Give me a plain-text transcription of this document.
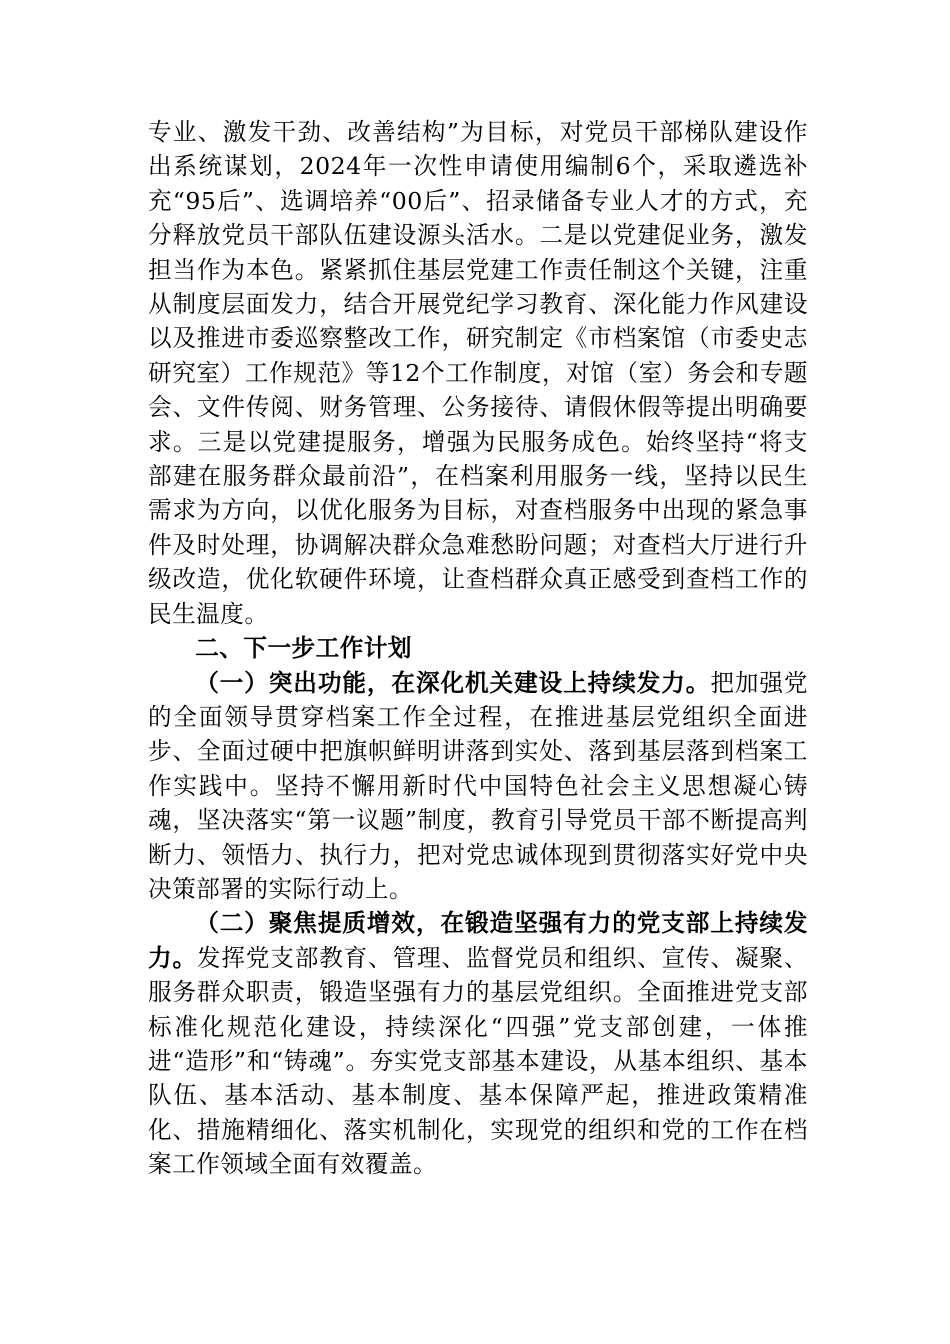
专业、激发干劲、改善结构”为目标，对党员干部梯队建设作出系统谋划，2024年一次性申请使用编制6个，采取遴选补充“95后”、选调培养“00后”、招录储备专业人才的方式，充分释放党员干部队伍建设源头活水。二是以党建促业务，激发担当作为本色。紧紧抓住基层党建工作责任制这个关键，注重从制度层面发力，结合开展党纪学习教育、深化能力作风建设以及推进市委巡察整改工作，研究制定《市档案馆（市委史志研究室）工作规范》等12个工作制度，对馆（室）务会和专题会、文件传阅、财务管理、公务接待、请假休假等提出明确要求。三是以党建提服务，增强为民服务成色。始终坚持“将支部建在服务群众最前沿”，在档案利用服务一线，坚持以民生需求为方向，以优化服务为目标，对查档服务中出现的紧急事件及时处理，协调解决群众急难愁盼问题；对查档大厅进行升级改造，优化软硬件环境，让查档群众真正感受到查档工作的民生温度。

二、下一步工作计划

（一）突出功能，在深化机关建设上持续发力。把加强党的全面领导贯穿档案工作全过程，在推进基层党组织全面进步、全面过硬中把旗帜鲜明讲落到实处、落到基层落到档案工作实践中。坚持不懈用新时代中国特色社会主义思想凝心铸魂，坚决落实“第一议题”制度，教育引导党员干部不断提高判断力、领悟力、执行力，把对党忠诚体现到贯彻落实好党中央决策部署的实际行动上。

（二）聚焦提质增效，在锻造坚强有力的党支部上持续发力。发挥党支部教育、管理、监督党员和组织、宣传、凝聚、服务群众职责，锻造坚强有力的基层党组织。全面推进党支部标准化规范化建设，持续深化“四强”党支部创建，一体推进“造形”和“铸魂”。夯实党支部基本建设，从基本组织、基本队伍、基本活动、基本制度、基本保障严起，推进政策精准化、措施精细化、落实机制化，实现党的组织和党的工作在档案工作领域全面有效覆盖。
